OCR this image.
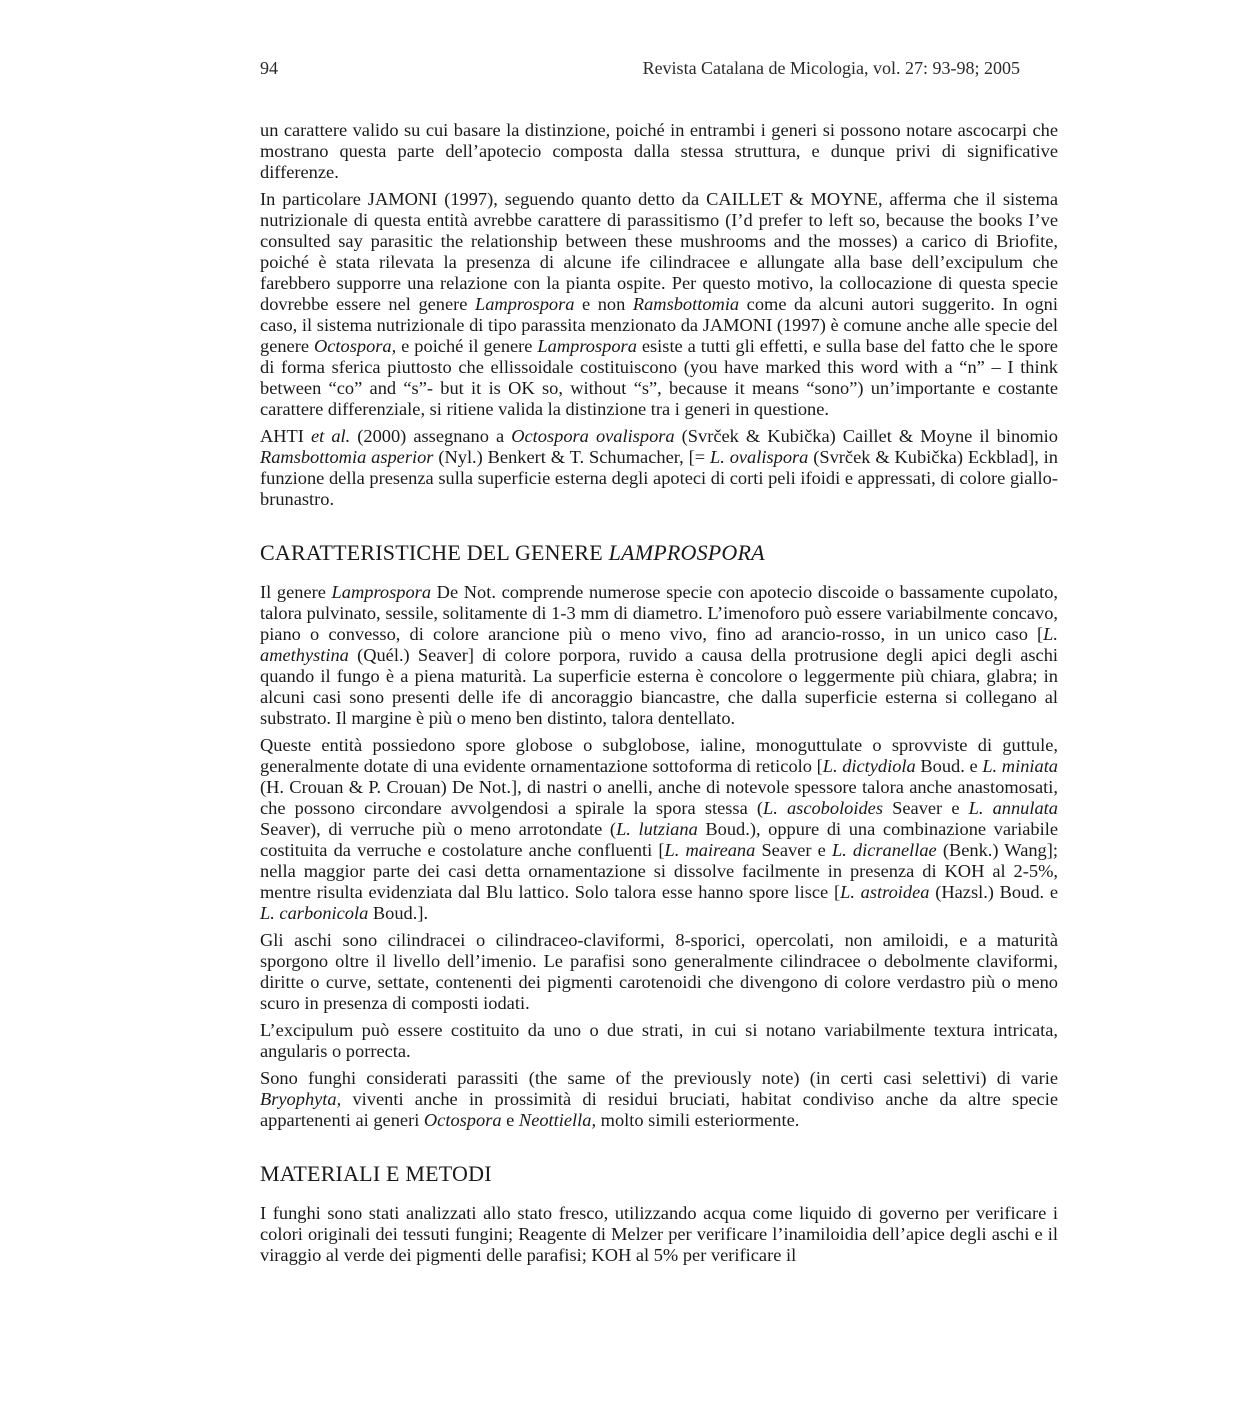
94	Revista Catalana de Micologia, vol. 27: 93-98; 2005

un carattere valido su cui basare la distinzione, poiché in entrambi i generi si possono notare ascocarpi che mostrano questa parte dell’apotecio composta dalla stessa struttura, e dunque privi di significative differenze.

In particolare JAMONI (1997), seguendo quanto detto da CAILLET & MOYNE, afferma che il sistema nutrizionale di questa entità avrebbe carattere di parassitismo (I’d prefer to left so, because the books I’ve consulted say parasitic the relationship between these mushrooms and the mosses) a carico di Briofite, poiché è stata rilevata la presenza di alcune ife cilindracee e allungate alla base dell’excipulum che farebbero supporre una relazione con la pianta ospite. Per questo motivo, la collocazione di questa specie dovrebbe essere nel genere Lamprospora e non Ramsbottomia come da alcuni autori suggerito. In ogni caso, il sistema nutrizionale di tipo parassita menzionato da JAMONI (1997) è comune anche alle specie del genere Octospora, e poiché il genere Lamprospora esiste a tutti gli effetti, e sulla base del fatto che le spore di forma sferica piuttosto che ellissoidale costituiscono (you have marked this word with a “n” – I think between “co” and “s”- but it is OK so, without “s”, because it means “sono”) un’importante e costante carattere differenziale, si ritiene valida la distinzione tra i generi in questione.

AHTI et al. (2000) assegnano a Octospora ovalispora (Svrček & Kubička) Caillet & Moyne il binomio Ramsbottomia asperior (Nyl.) Benkert & T. Schumacher, [= L. ovalispora (Svrček & Kubička) Eckblad], in funzione della presenza sulla superficie esterna degli apoteci di corti peli ifoidi e appressati, di colore giallo-brunastro.

CARATTERISTICHE DEL GENERE LAMPROSPORA

Il genere Lamprospora De Not. comprende numerose specie con apotecio discoide o bassamente cupolato, talora pulvinato, sessile, solitamente di 1-3 mm di diametro. L’imenoforo può essere variabilmente concavo, piano o convesso, di colore arancione più o meno vivo, fino ad arancio-rosso, in un unico caso [L. amethystina (Quél.) Seaver] di colore porpora, ruvido a causa della protrusione degli apici degli aschi quando il fungo è a piena maturità. La superficie esterna è concolore o leggermente più chiara, glabra; in alcuni casi sono presenti delle ife di ancoraggio biancastre, che dalla superficie esterna si collegano al substrato. Il margine è più o meno ben distinto, talora dentellato.

Queste entità possiedono spore globose o subglobose, ialine, monoguttulate o sprovviste di guttule, generalmente dotate di una evidente ornamentazione sottoforma di reticolo [L. dictydiola Boud. e L. miniata (H. Crouan & P. Crouan) De Not.], di nastri o anelli, anche di notevole spessore talora anche anastomosati, che possono circondare avvolgendosi a spirale la spora stessa (L. ascoboloides Seaver e L. annulata Seaver), di verruche più o meno arrotondate (L. lutziana Boud.), oppure di una combinazione variabile costituita da verruche e costolature anche confluenti [L. maireana Seaver e L. dicranellae (Benk.) Wang]; nella maggior parte dei casi detta ornamentazione si dissolve facilmente in presenza di KOH al 2-5%, mentre risulta evidenziata dal Blu lattico. Solo talora esse hanno spore lisce [L. astroidea (Hazsl.) Boud. e L. carbonicola Boud.].

Gli aschi sono cilindracei o cilindraceo-claviformi, 8-sporici, opercolati, non amiloidi, e a maturità sporgono oltre il livello dell’imenio. Le parafisi sono generalmente cilindracee o debolmente claviformi, diritte o curve, settate, contenenti dei pigmenti carotenoidi che divengono di colore verdastro più o meno scuro in presenza di composti iodati.

L’excipulum può essere costituito da uno o due strati, in cui si notano variabilmente textura intricata, angularis o porrecta.

Sono funghi considerati parassiti (the same of the previously note) (in certi casi selettivi) di varie Bryophyta, viventi anche in prossimità di residui bruciati, habitat condiviso anche da altre specie appartenenti ai generi Octospora e Neottiella, molto simili esteriormente.

MATERIALI E METODI

I funghi sono stati analizzati allo stato fresco, utilizzando acqua come liquido di governo per verificare i colori originali dei tessuti fungini; Reagente di Melzer per verificare l’inamiloidia dell’apice degli aschi e il viraggio al verde dei pigmenti delle parafisi; KOH al 5% per verificare il
